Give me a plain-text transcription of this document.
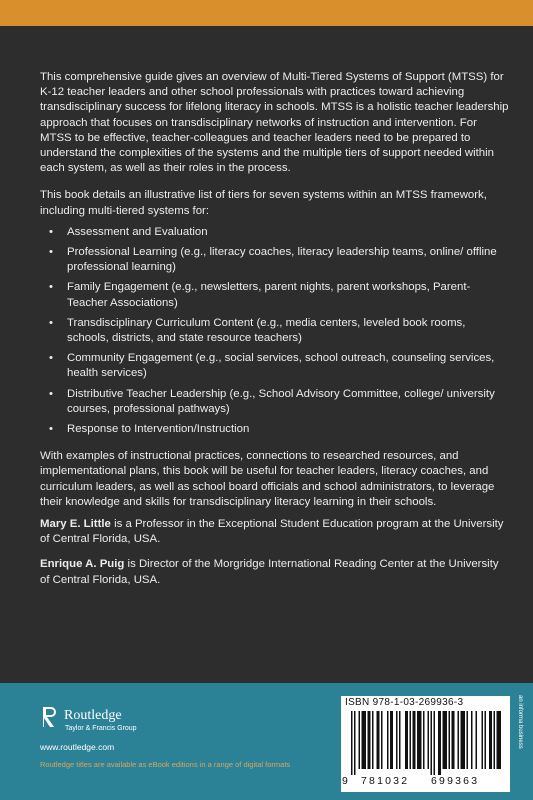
This comprehensive guide gives an overview of Multi-Tiered Systems of Support (MTSS) for K-12 teacher leaders and other school professionals with practices toward achieving transdisciplinary success for lifelong literacy in schools. MTSS is a holistic teacher leadership approach that focuses on transdisciplinary networks of instruction and intervention. For MTSS to be effective, teacher-colleagues and teacher leaders need to be prepared to understand the complexities of the systems and the multiple tiers of support needed within each system, as well as their roles in the process.

This book details an illustrative list of tiers for seven systems within an MTSS framework, including multi-tiered systems for:

• Assessment and Evaluation
• Professional Learning (e.g., literacy coaches, literacy leadership teams, online/ offline professional learning)
• Family Engagement (e.g., newsletters, parent nights, parent workshops, Parent-Teacher Associations)
• Transdisciplinary Curriculum Content (e.g., media centers, leveled book rooms, schools, districts, and state resource teachers)
• Community Engagement (e.g., social services, school outreach, counseling services, health services)
• Distributive Teacher Leadership (e.g., School Advisory Committee, college/ university courses, professional pathways)
• Response to Intervention/Instruction

With examples of instructional practices, connections to researched resources, and implementational plans, this book will be useful for teacher leaders, literacy coaches, and curriculum leaders, as well as school board officials and school administrators, to leverage their knowledge and skills for transdisciplinary literacy learning in their schools.

Mary E. Little is a Professor in the Exceptional Student Education program at the University of Central Florida, USA.

Enrique A. Puig is Director of the Morgridge International Reading Center at the University of Central Florida, USA.

Routledge
Taylor & Francis Group
www.routledge.com
Routledge titles are available as eBook editions in a range of digital formats
ISBN 978-1-03-269936-3
9 781032 699363
an informa business
